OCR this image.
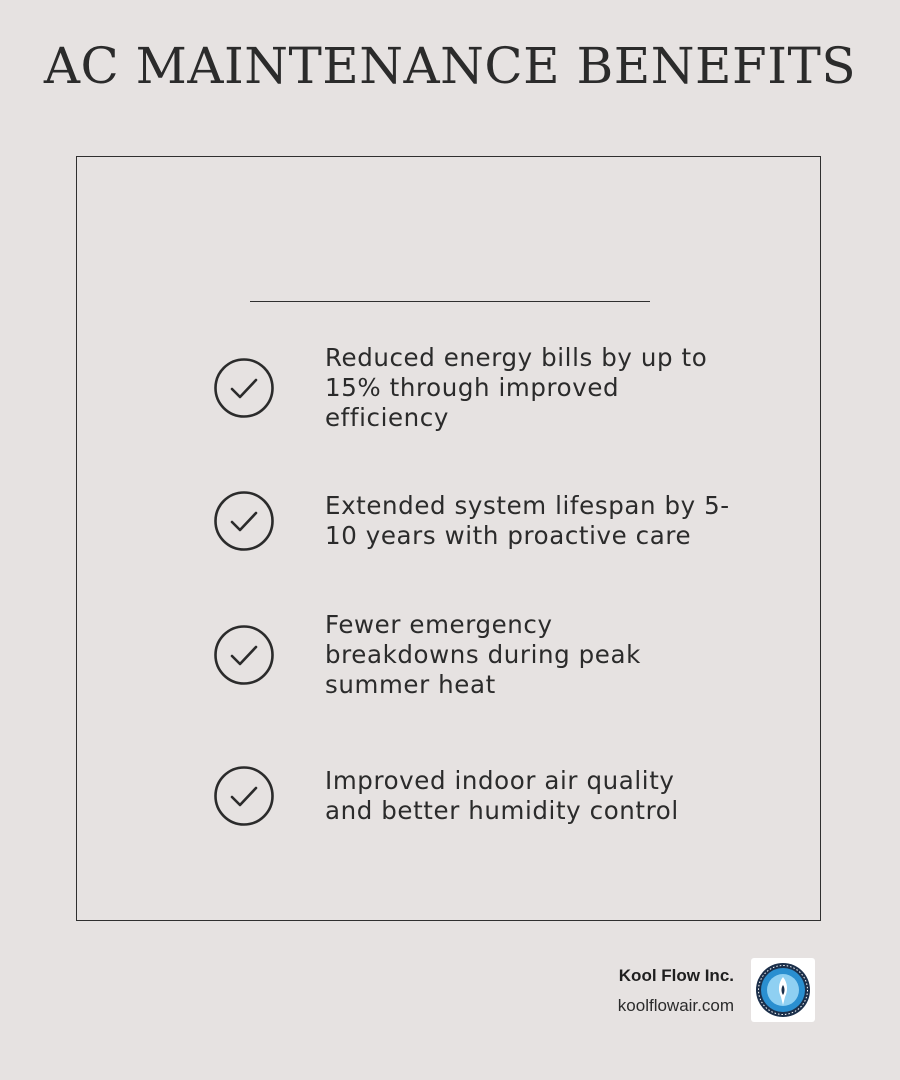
AC MAINTENANCE BENEFITS
Reduced energy bills by up to 15% through improved efficiency
Extended system lifespan by 5-10 years with proactive care
Fewer emergency breakdowns during peak summer heat
Improved indoor air quality and better humidity control
Kool Flow Inc.
koolflowair.com
